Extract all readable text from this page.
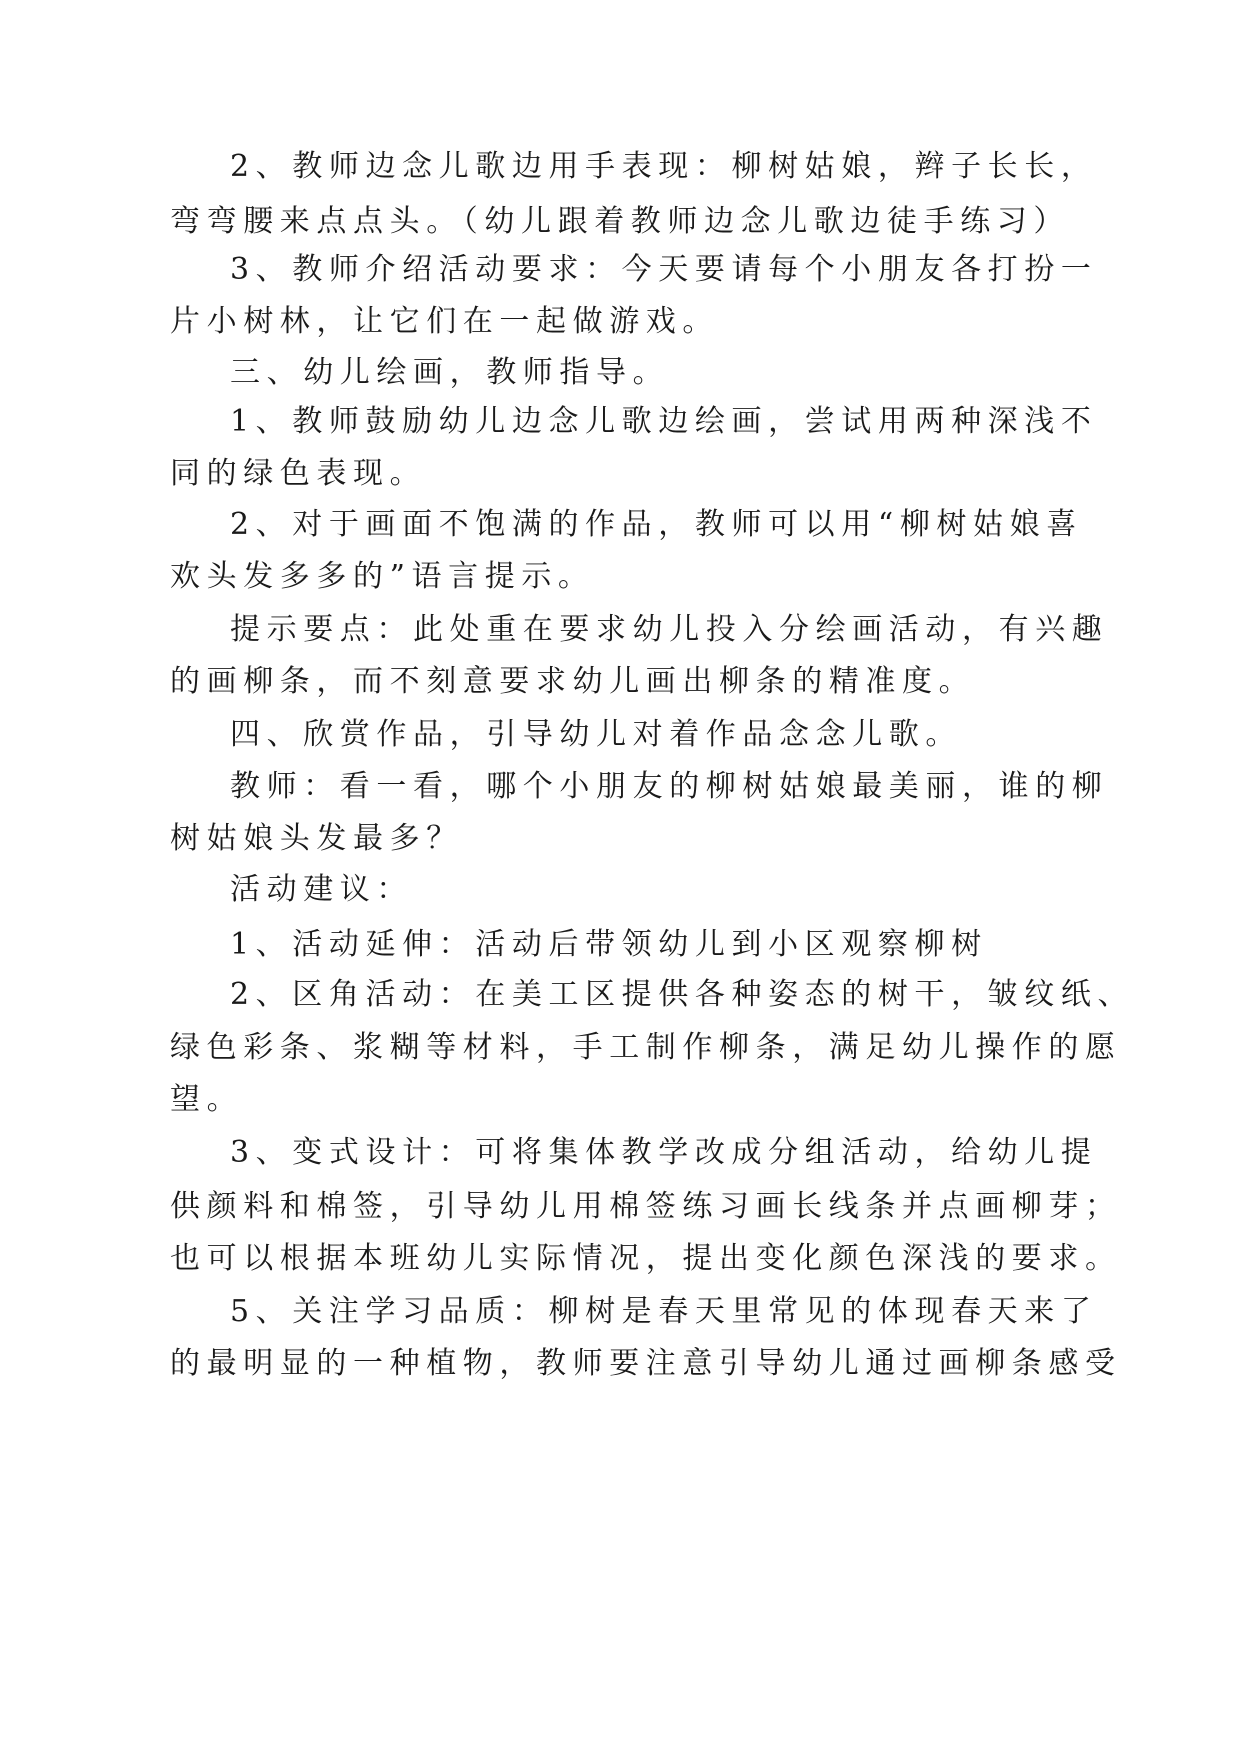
2、教师边念儿歌边用手表现：柳树姑娘，辫子长长，
弯弯腰来点点头。（幼儿跟着教师边念儿歌边徒手练习）
3、教师介绍活动要求：今天要请每个小朋友各打扮一
片小树林，让它们在一起做游戏。
三、幼儿绘画，教师指导。
1、教师鼓励幼儿边念儿歌边绘画，尝试用两种深浅不
同的绿色表现。
2、对于画面不饱满的作品，教师可以用“柳树姑娘喜
欢头发多多的”语言提示。
提示要点：此处重在要求幼儿投入分绘画活动，有兴趣
的画柳条，而不刻意要求幼儿画出柳条的精准度。
四、欣赏作品，引导幼儿对着作品念念儿歌。
教师：看一看，哪个小朋友的柳树姑娘最美丽，谁的柳
树姑娘头发最多？
活动建议：
1、活动延伸：活动后带领幼儿到小区观察柳树
2、区角活动：在美工区提供各种姿态的树干，皱纹纸、
绿色彩条、浆糊等材料，手工制作柳条，满足幼儿操作的愿
望。
3、变式设计：可将集体教学改成分组活动，给幼儿提
供颜料和棉签，引导幼儿用棉签练习画长线条并点画柳芽；
也可以根据本班幼儿实际情况，提出变化颜色深浅的要求。
5、关注学习品质：柳树是春天里常见的体现春天来了
的最明显的一种植物，教师要注意引导幼儿通过画柳条感受
